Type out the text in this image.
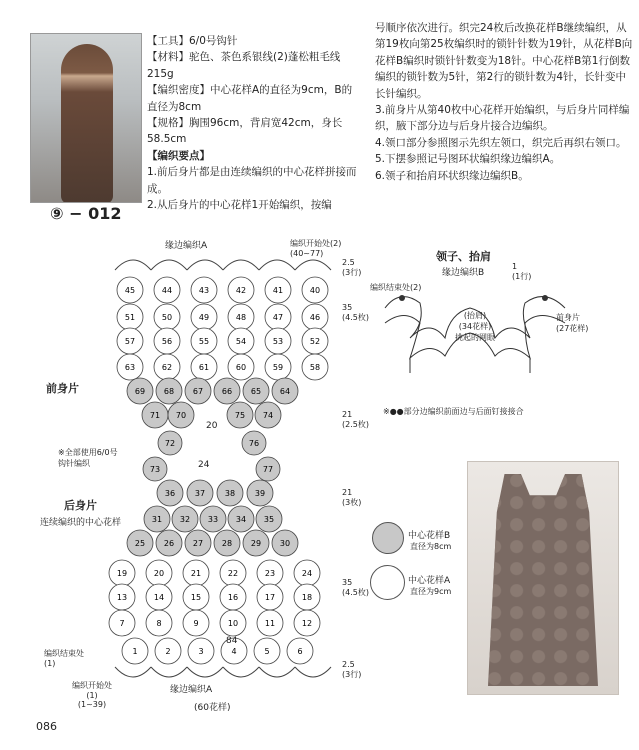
⑨ − 012

【工具】6/0号钩针

【材料】驼色、茶色系银线(2)蓬松粗毛线215g

【编织密度】中心花样A的直径为9cm，B的直径为8cm

【规格】胸围96cm，背肩宽42cm，身长58.5cm

【编织要点】

1.前后身片都是由连续编织的中心花样拼接而成。

2.从后身片的中心花样1开始编织，按编

号顺序依次进行。织完24枚后改换花样B继续编织，从第19枚向第25枚编织时的锁针针数为19针，从花样B向花样B编织时锁针针数变为18针。中心花样B第1行倒数编织的锁针数为5针，第2行的锁针数为4针，长针变中长针编织。

3.前身片从第40枚中心花样开始编织，与后身片同样编织，腋下部分边与后身片接合边编织。

4.领口部分参照图示先织左领口，织完后再织右领口。

5.下摆参照记号图环状编织缘边编织A。

6.领子和抬肩环状织缘边编织B。

45	44	43	42	41	40
51	50	49	48	47	46
57	56	55	54	53	52
63	62	61	60	59	58
69 68 67 66 65 64
71 70	75 74
72	76
73	77
36 37 38 39
31 32 33 34 35
25 26 27 28 29 30
19	20	21	22	23	24
13	14	15	16	17	18
7	8	9	10	11	12
1	2	3	4	5	6
缘边编织A	编织开始处(2)
(40~77)
编织结束处(2)
前身片
※全部使用6/0号
钩针编织
后身片
连续编织的中心花样
编织结束处
(1)
编织开始处
(1)
(1~39)
缘边编织A
(60花样)
2.5
(3行)
35
(4.5枚)
21
(2.5枚)
21
(3枚)
35
(4.5枚)
2.5
(3行)
20
24
84
领子、抬肩
缘边编织B
(抬肩)
(34花样)
挑起的网眼
前身片
(27花样)
1
(1行)
※●●部分边编织前面边与后面钉接接合
中心花样B
直径为8cm
中心花样A
直径为9cm
086
